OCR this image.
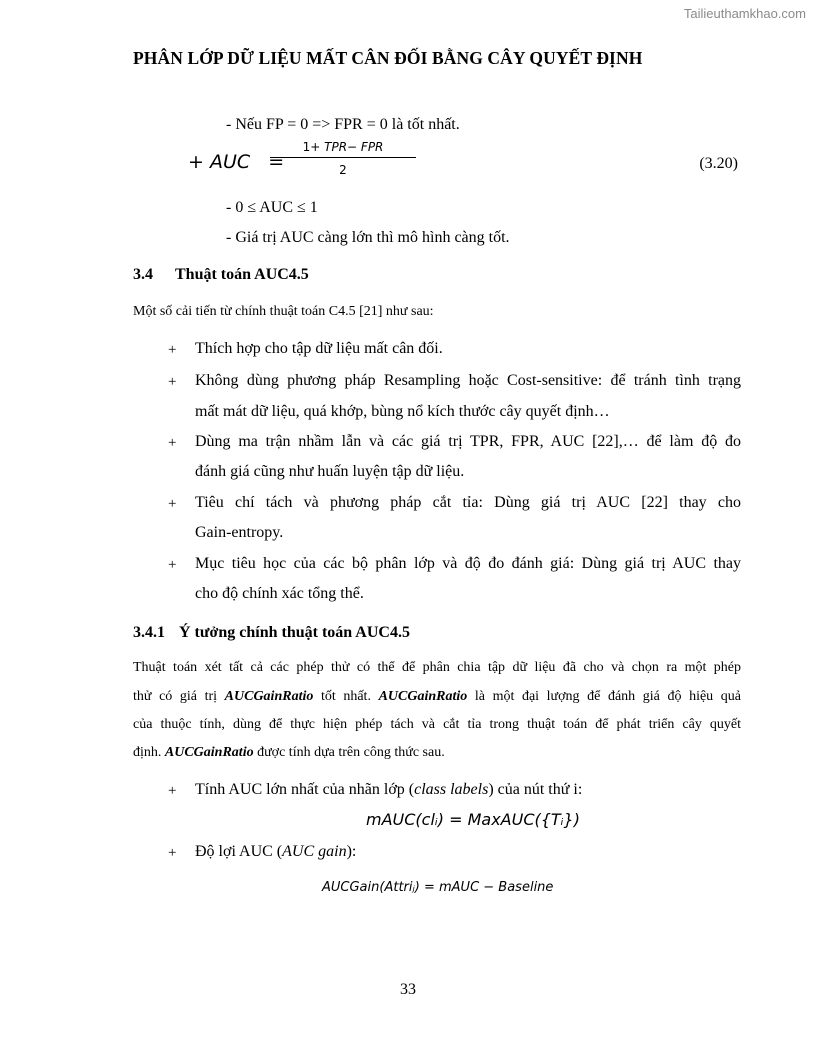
Tailieuthamkhao.com
PHÂN LỚP DỮ LIỆU MẤT CÂN ĐỐI BẰNG CÂY QUYẾT ĐỊNH
- Nếu FP = 0 => FPR = 0 là tốt nhất.
+ AUC =
1+ TPR− FPR
2	(3.20)
- 0 ≤ AUC ≤ 1
- Giá trị AUC càng lớn thì mô hình càng tốt.
3.4 Thuật toán AUC4.5
Một số cải tiến từ chính thuật toán C4.5 [21] như sau:
+ Thích hợp cho tập dữ liệu mất cân đối.
+ Không dùng phương pháp Resampling hoặc Cost-sensitive: để tránh tình trạng
mất mát dữ liệu, quá khớp, bùng nổ kích thước cây quyết định…
+ Dùng ma trận nhầm lẫn và các giá trị TPR, FPR, AUC [22],… để làm độ đo
đánh giá cũng như huấn luyện tập dữ liệu.
+ Tiêu chí tách và phương pháp cắt tỉa: Dùng giá trị AUC [22] thay cho
Gain-entropy.
+ Mục tiêu học của các bộ phân lớp và độ đo đánh giá: Dùng giá trị AUC thay
cho độ chính xác tổng thể.
3.4.1 Ý tưởng chính thuật toán AUC4.5
Thuật toán xét tất cả các phép thử có thể để phân chia tập dữ liệu đã cho và chọn ra một phép
thử có giá trị AUCGainRatio tốt nhất. AUCGainRatio là một đại lượng để đánh giá độ hiệu quả
của thuộc tính, dùng để thực hiện phép tách và cắt tỉa trong thuật toán để phát triển cây quyết
định. AUCGainRatio được tính dựa trên công thức sau.
+ Tính AUC lớn nhất của nhãn lớp (class labels) của nút thứ i:
mAUC(clᵢ) = MaxAUC({Tᵢ})
+ Độ lợi AUC (AUC gain):
AUCGain(Attriⱼ) = mAUC − Baseline
33
